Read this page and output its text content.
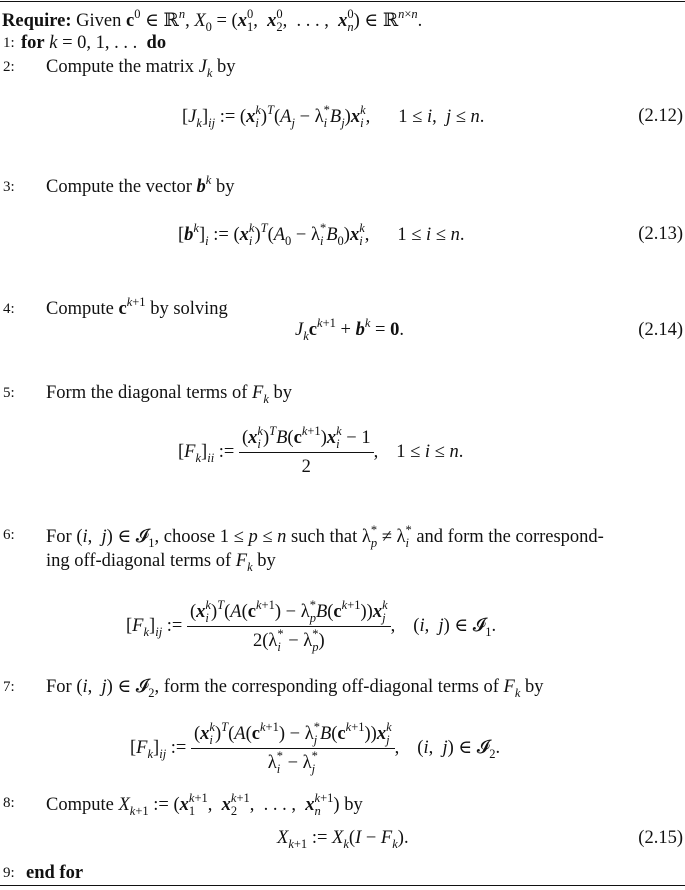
Require: Given $c^0$ ∈ ℝ$^n$, $X_0 = (x$ 0
1 ,  x 0
2 ,  . . . ,  x 0
n ) ∈ ℝ$^{n\times n}$.
1: for k = 0, 1, . . .  do
2: Compute the matrix $J_k$ by
$[J_k]_{ij}$ := (x k
i )$^T(A_j - \lambda$ *
i $B_j)x$ k
i , 1 ≤ i,  j ≤ n.	(2.12)
3: Compute the vector $b^k$ by
$[b^k]_i$ := (x k
i )$^T(A_0 - \lambda$ *
i $B_0)x$ k
i , 1 ≤ i ≤ n.	(2.13)
4: Compute $c^{k+1}$ by solving
$J_kc^{k+1} + b^k = 0$.	(2.14)
5: Form the diagonal terms of $F_k$ by
$[F_k]_{ii}$ := (x k
i )$^TB(c^{k+1})x$ k
i − 1
2 , 1 ≤ i ≤ n.
6: For (i,  j) ∈ 𝓘$_1$, choose 1 ≤ p ≤ n such that λ *
p ≠ λ *
i and form the correspond-
ing off-diagonal terms of $F_k$ by
$[F_k]_{ij}$ := (x k
i )$^T(A(c^{k+1}) - \lambda$ *
p $B(c^{k+1}))x$ k
j
2(λ *
i − λ *
p ) , (i,  j) ∈ 𝓘$_1$.
7: For (i,  j) ∈ 𝓘$_2$, form the corresponding off-diagonal terms of $F_k$ by
$[F_k]_{ij}$ := (x k
i )$^T(A(c^{k+1}) - \lambda$ *
j $B(c^{k+1}))x$ k
j
λ *
i − λ *
j , (i,  j) ∈ 𝓘$_2$.
8: Compute $X_{k+1}$ := (x k+1
1 ,  x k+1
2 ,  . . . ,  x k+1
n ) by
$X_{k+1}$ := $X_k(I - F_k)$.	(2.15)
9: end for
